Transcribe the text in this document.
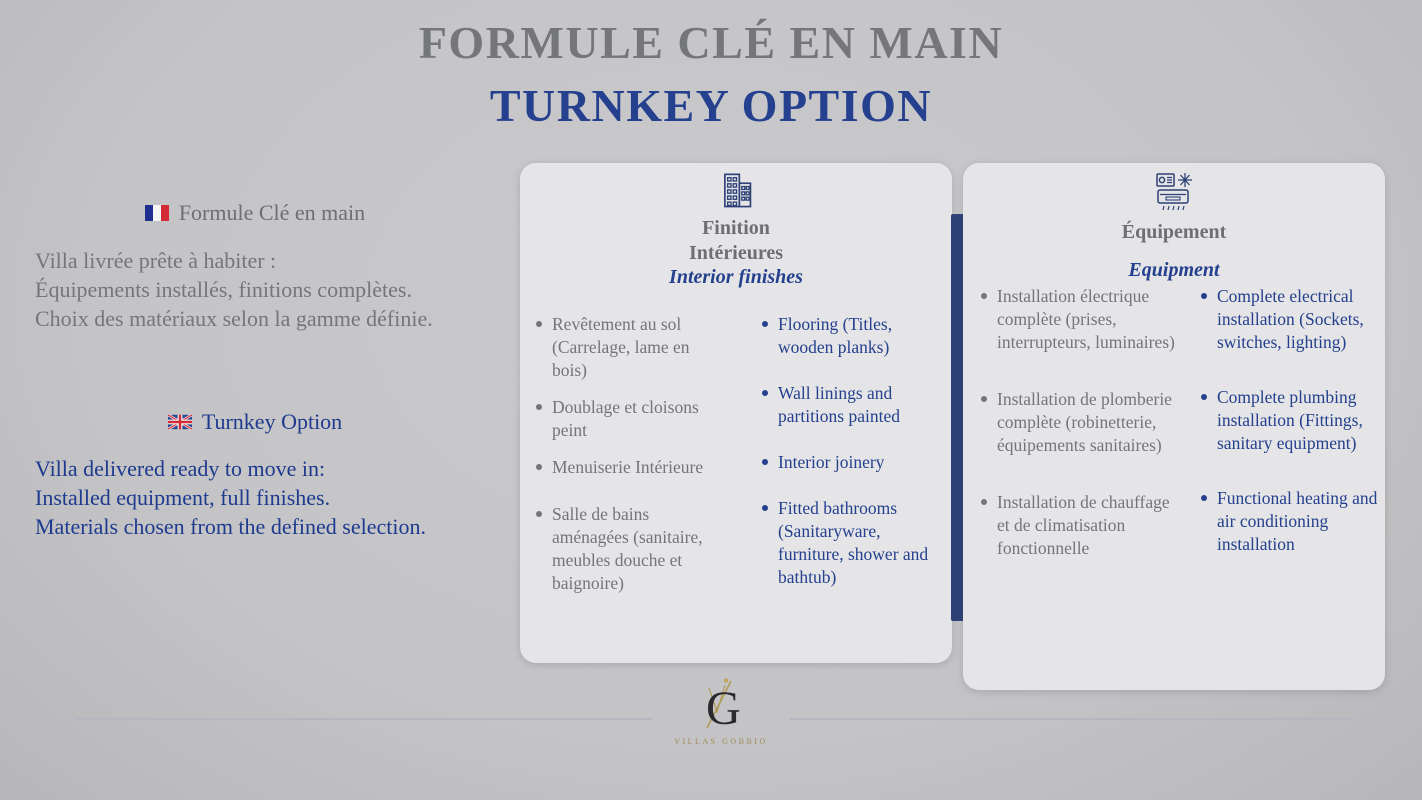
FORMULE CLÉ EN MAIN
TURNKEY OPTION
Formule Clé en main
Villa livrée prête à habiter :
Équipements installés, finitions complètes.
Choix des matériaux selon la gamme définie.
Turnkey Option
Villa delivered ready to move in:
Installed equipment, full finishes.
Materials chosen from the defined selection.
Finition
Intérieures
Interior finishes
Revêtement au sol (Carrelage, lame en bois)
Doublage et cloisons peint
Menuiserie Intérieure
Salle de bains aménagées (sanitaire, meubles douche et baignoire)
Flooring (Titles, wooden planks)
Wall linings and partitions painted
Interior joinery
Fitted bathrooms (Sanitaryware, furniture, shower and bathtub)
Équipement
Equipment
Installation électrique complète (prises, interrupteurs, luminaires)
Installation de plomberie complète (robinetterie, équipements sanitaires)
Installation de chauffage et de climatisation fonctionnelle
Complete electrical installation (Sockets, switches, lighting)
Complete plumbing installation (Fittings, sanitary equipment)
Functional heating and air conditioning installation
G
VILLAS GOBBIO
